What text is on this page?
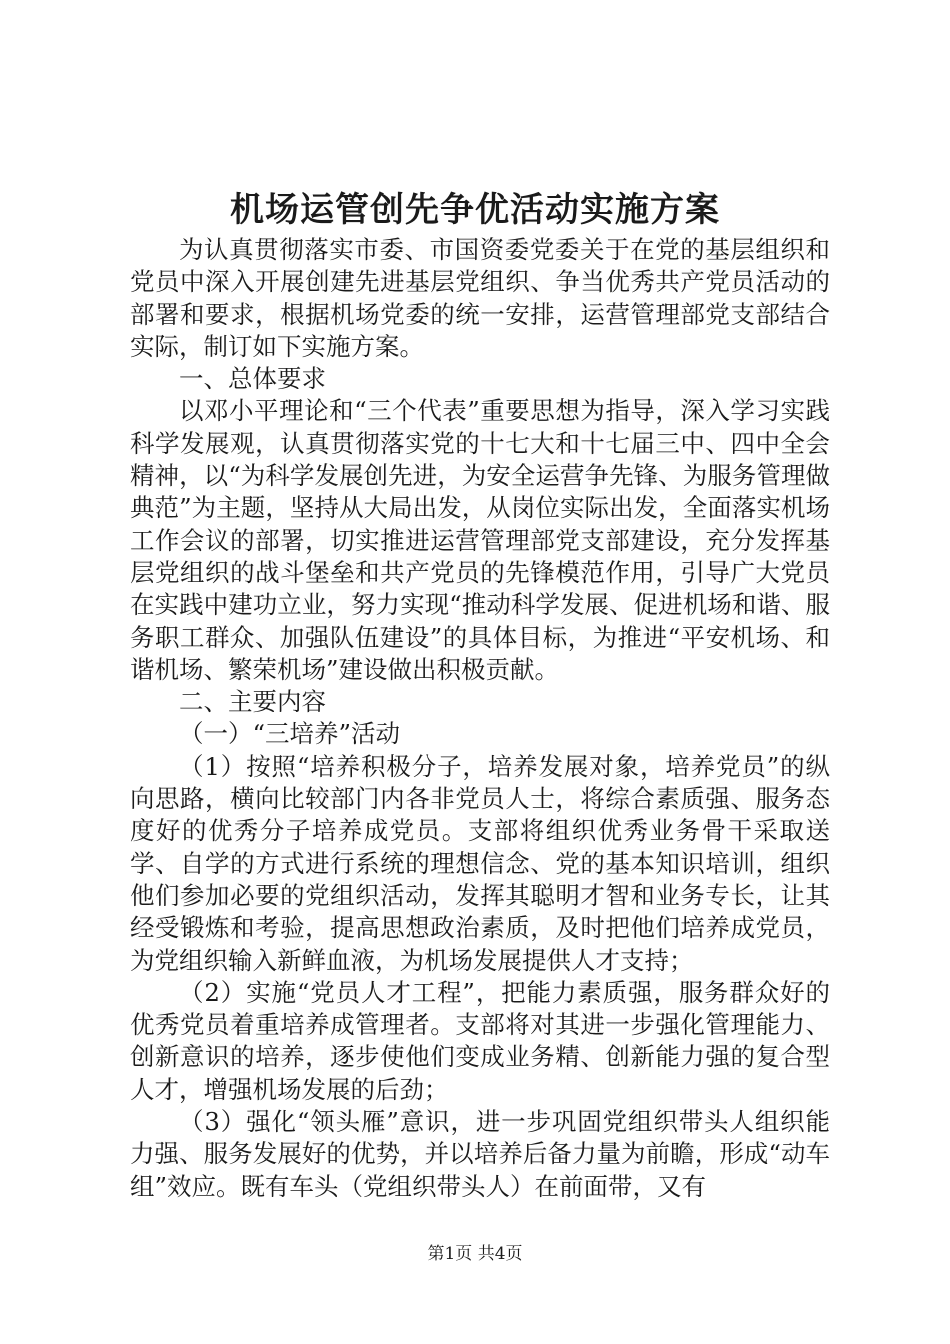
机场运管创先争优活动实施方案

为认真贯彻落实市委、市国资委党委关于在党的基层组织和党员中深入开展创建先进基层党组织、争当优秀共产党员活动的部署和要求，根据机场党委的统一安排，运营管理部党支部结合实际，制订如下实施方案。

一、总体要求

以邓小平理论和“三个代表”重要思想为指导，深入学习实践科学发展观，认真贯彻落实党的十七大和十七届三中、四中全会精神，以“为科学发展创先进，为安全运营争先锋、为服务管理做典范”为主题，坚持从大局出发，从岗位实际出发，全面落实机场工作会议的部署，切实推进运营管理部党支部建设，充分发挥基层党组织的战斗堡垒和共产党员的先锋模范作用，引导广大党员在实践中建功立业，努力实现“推动科学发展、促进机场和谐、服务职工群众、加强队伍建设”的具体目标，为推进“平安机场、和谐机场、繁荣机场”建设做出积极贡献。

二、主要内容

（一）“三培养”活动

（1）按照“培养积极分子，培养发展对象，培养党员”的纵向思路，横向比较部门内各非党员人士，将综合素质强、服务态度好的优秀分子培养成党员。支部将组织优秀业务骨干采取送学、自学的方式进行系统的理想信念、党的基本知识培训，组织他们参加必要的党组织活动，发挥其聪明才智和业务专长，让其经受锻炼和考验，提高思想政治素质，及时把他们培养成党员，为党组织输入新鲜血液，为机场发展提供人才支持；

（2）实施“党员人才工程”，把能力素质强，服务群众好的优秀党员着重培养成管理者。支部将对其进一步强化管理能力、创新意识的培养，逐步使他们变成业务精、创新能力强的复合型人才，增强机场发展的后劲；

（3）强化“领头雁”意识，进一步巩固党组织带头人组织能力强、服务发展好的优势，并以培养后备力量为前瞻，形成“动车组”效应。既有车头（党组织带头人）在前面带，又有

第1页 共4页
